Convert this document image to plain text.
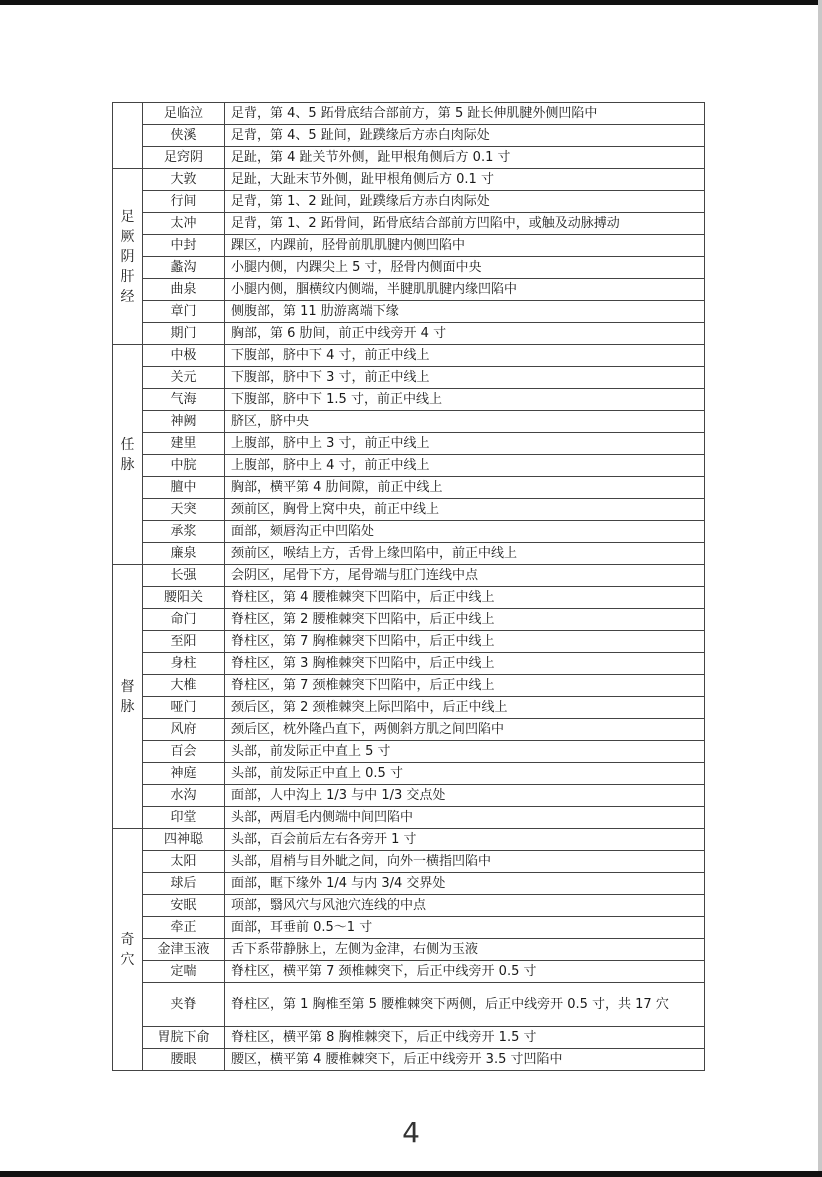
	足临泣	足背，第 4、5 跖骨底结合部前方，第 5 趾长伸肌腱外侧凹陷中
	侠溪	足背，第 4、5 趾间，趾蹼缘后方赤白肉际处
	足窍阴	足趾，第 4 趾关节外侧，趾甲根角侧后方 0.1 寸
足厥阴肝经	大敦	足趾，大趾末节外侧，趾甲根角侧后方 0.1 寸
	行间	足背，第 1、2 趾间，趾蹼缘后方赤白肉际处
	太冲	足背，第 1、2 跖骨间，跖骨底结合部前方凹陷中，或触及动脉搏动
	中封	踝区，内踝前，胫骨前肌肌腱内侧凹陷中
	蠡沟	小腿内侧，内踝尖上 5 寸，胫骨内侧面中央
	曲泉	小腿内侧，腘横纹内侧端，半腱肌肌腱内缘凹陷中
	章门	侧腹部，第 11 肋游离端下缘
	期门	胸部，第 6 肋间，前正中线旁开 4 寸
任脉	中极	下腹部，脐中下 4 寸，前正中线上
	关元	下腹部，脐中下 3 寸，前正中线上
	气海	下腹部，脐中下 1.5 寸，前正中线上
	神阙	脐区，脐中央
	建里	上腹部，脐中上 3 寸，前正中线上
	中脘	上腹部，脐中上 4 寸，前正中线上
	膻中	胸部，横平第 4 肋间隙，前正中线上
	天突	颈前区，胸骨上窝中央，前正中线上
	承浆	面部，颏唇沟正中凹陷处
	廉泉	颈前区，喉结上方，舌骨上缘凹陷中，前正中线上
督脉	长强	会阴区，尾骨下方，尾骨端与肛门连线中点
	腰阳关	脊柱区，第 4 腰椎棘突下凹陷中，后正中线上
	命门	脊柱区，第 2 腰椎棘突下凹陷中，后正中线上
	至阳	脊柱区，第 7 胸椎棘突下凹陷中，后正中线上
	身柱	脊柱区，第 3 胸椎棘突下凹陷中，后正中线上
	大椎	脊柱区，第 7 颈椎棘突下凹陷中，后正中线上
	哑门	颈后区，第 2 颈椎棘突上际凹陷中，后正中线上
	风府	颈后区，枕外隆凸直下，两侧斜方肌之间凹陷中
	百会	头部，前发际正中直上 5 寸
	神庭	头部，前发际正中直上 0.5 寸
	水沟	面部，人中沟上 1/3 与中 1/3 交点处
	印堂	头部，两眉毛内侧端中间凹陷中
奇穴	四神聪	头部，百会前后左右各旁开 1 寸
	太阳	头部，眉梢与目外眦之间，向外一横指凹陷中
	球后	面部，眶下缘外 1/4 与内 3/4 交界处
	安眠	项部，翳风穴与风池穴连线的中点
	牵正	面部，耳垂前 0.5～1 寸
	金津玉液	舌下系带静脉上，左侧为金津，右侧为玉液
	定喘	脊柱区，横平第 7 颈椎棘突下，后正中线旁开 0.5 寸
	夹脊	脊柱区，第 1 胸椎至第 5 腰椎棘突下两侧，后正中线旁开 0.5 寸，共 17 穴
	胃脘下俞	脊柱区，横平第 8 胸椎棘突下，后正中线旁开 1.5 寸
	腰眼	腰区，横平第 4 腰椎棘突下，后正中线旁开 3.5 寸凹陷中
4
